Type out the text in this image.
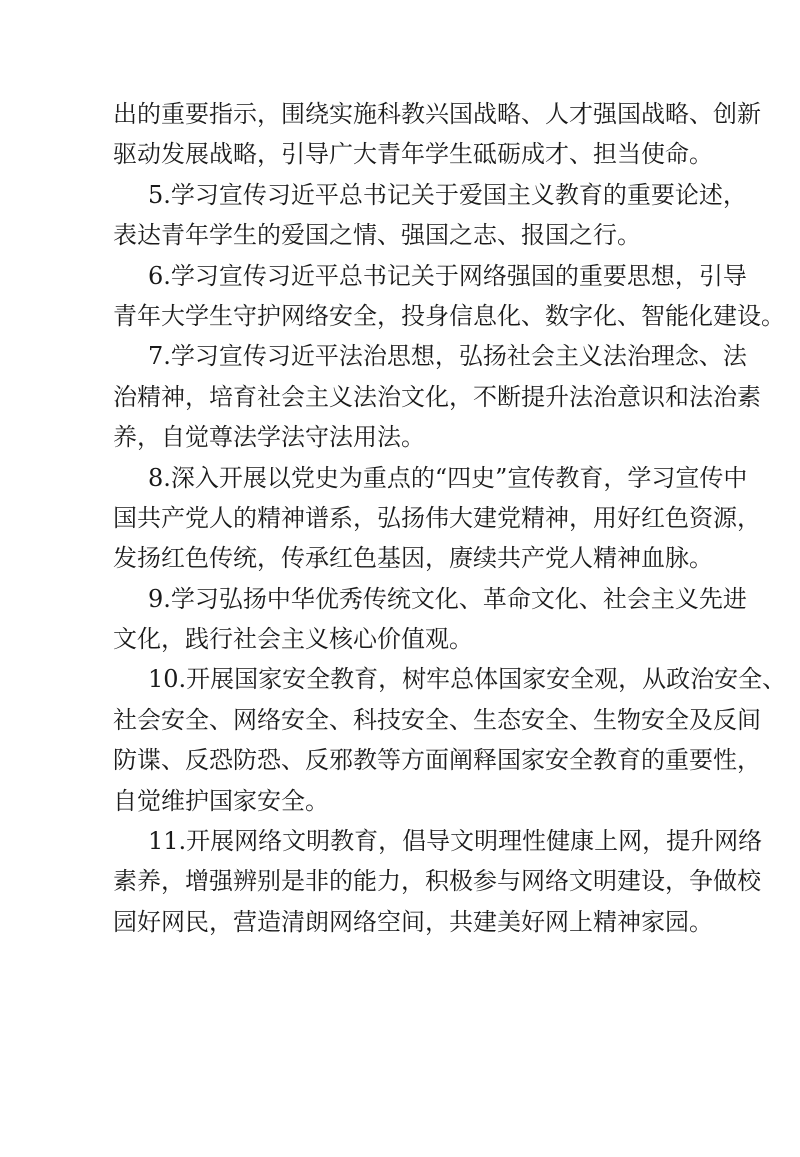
出的重要指示，围绕实施科教兴国战略、人才强国战略、创新
驱动发展战略，引导广大青年学生砥砺成才、担当使命。
5.学习宣传习近平总书记关于爱国主义教育的重要论述，
表达青年学生的爱国之情、强国之志、报国之行。
6.学习宣传习近平总书记关于网络强国的重要思想，引导
青年大学生守护网络安全，投身信息化、数字化、智能化建设。
7.学习宣传习近平法治思想，弘扬社会主义法治理念、法
治精神，培育社会主义法治文化，不断提升法治意识和法治素
养，自觉尊法学法守法用法。
8.深入开展以党史为重点的“四史”宣传教育，学习宣传中
国共产党人的精神谱系，弘扬伟大建党精神，用好红色资源，
发扬红色传统，传承红色基因，赓续共产党人精神血脉。
9.学习弘扬中华优秀传统文化、革命文化、社会主义先进
文化，践行社会主义核心价值观。
10.开展国家安全教育，树牢总体国家安全观，从政治安全、
社会安全、网络安全、科技安全、生态安全、生物安全及反间
防谍、反恐防恐、反邪教等方面阐释国家安全教育的重要性，
自觉维护国家安全。
11.开展网络文明教育，倡导文明理性健康上网，提升网络
素养，增强辨别是非的能力，积极参与网络文明建设，争做校
园好网民，营造清朗网络空间，共建美好网上精神家园。
